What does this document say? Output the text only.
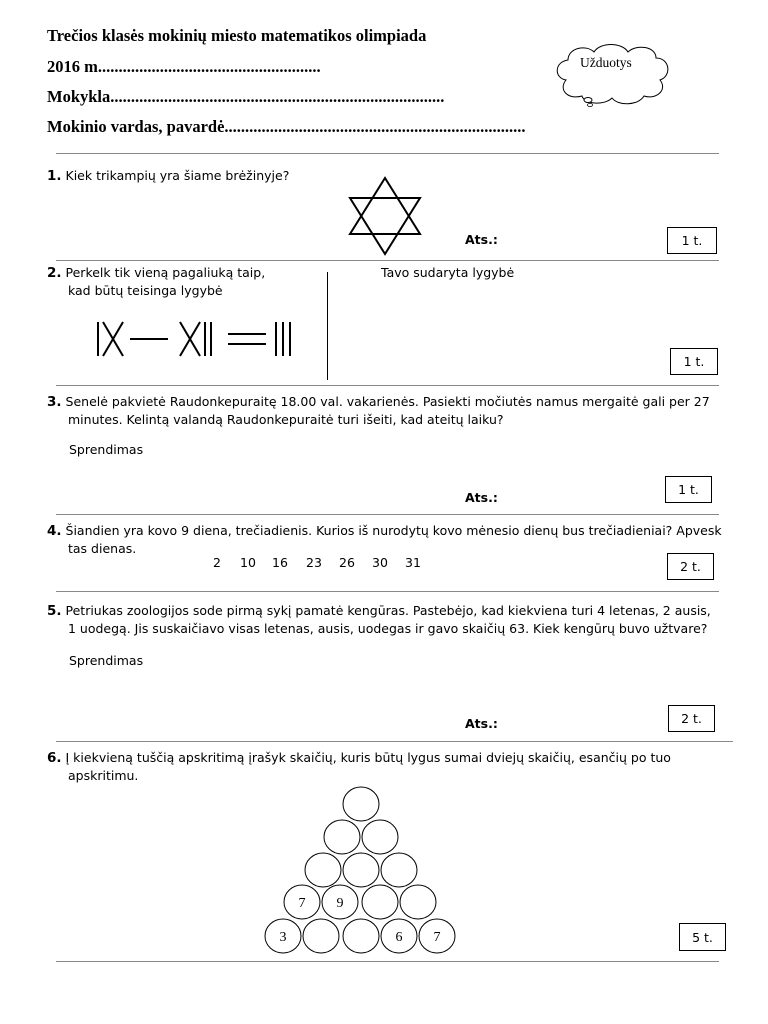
Trečios klasės mokinių miesto matematikos olimpiada
2016 m......................................................
Mokykla.................................................................................
Mokinio vardas, pavardė.........................................................................
Užduotys
1. Kiek trikampių yra šiame brėžinyje?
Ats.:	1 t.
2. Perkelk tik vieną pagaliuką taip,
kad būtų teisinga lygybė
Tavo sudaryta lygybė
1 t.
3. Senelė pakvietė Raudonkepuraitę 18.00 val. vakarienės. Pasiekti močiutės namus mergaitė gali per 27
minutes. Kelintą valandą Raudonkepuraitė turi išeiti, kad ateitų laiku?
Sprendimas
Ats.:
1 t.
4. Šiandien yra kovo 9 diena, trečiadienis. Kurios iš nurodytų kovo mėnesio dienų bus trečiadieniai? Apvesk
tas dienas.
2 10 16 23 26 30 31	2 t.
5. Petriukas zoologijos sode pirmą sykį pamatė kengūras. Pastebėjo, kad kiekviena turi 4 letenas, 2 ausis,
1 uodegą. Jis suskaičiavo visas letenas, ausis, uodegas ir gavo skaičių 63. Kiek kengūrų buvo užtvare?
Sprendimas
Ats.:	2 t.
6. Į kiekvieną tuščią apskritimą įrašyk skaičių, kuris būtų lygus sumai dviejų skaičių, esančių po tuo
apskritimu.
7 9
3	6 7	5 t.
